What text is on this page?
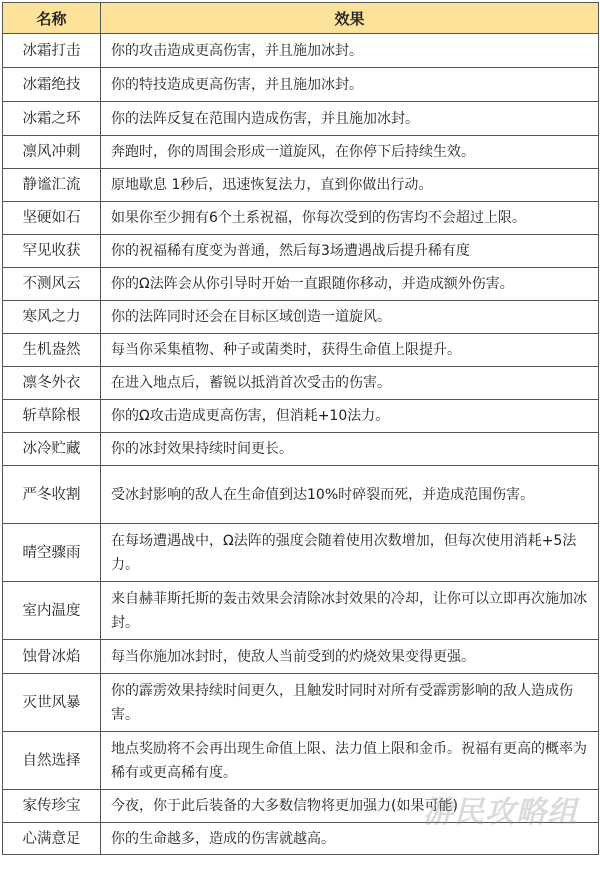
名称	效果
冰霜打击	你的攻击造成更高伤害，并且施加冰封。
冰霜绝技	你的特技造成更高伤害，并且施加冰封。
冰霜之环	你的法阵反复在范围内造成伤害，并且施加冰封。
凛风冲刺	奔跑时，你的周围会形成一道旋风，在你停下后持续生效。
静谧汇流	原地歇息 1秒后，迅速恢复法力，直到你做出行动。
坚硬如石	如果你至少拥有6个土系祝福，你每次受到的伤害均不会超过上限。
罕见收获	你的祝福稀有度变为普通，然后每3场遭遇战后提升稀有度
不测风云	你的Ω法阵会从你引导时开始一直跟随你移动，并造成额外伤害。
寒风之力	你的法阵同时还会在目标区域创造一道旋风。
生机盎然	每当你采集植物、种子或菌类时，获得生命值上限提升。
凛冬外衣	在进入地点后，蓄锐以抵消首次受击的伤害。
斩草除根	你的Ω攻击造成更高伤害，但消耗+10法力。
冰冷贮藏	你的冰封效果持续时间更长。
严冬收割	受冰封影响的敌人在生命值到达10%时碎裂而死，并造成范围伤害。
晴空骤雨	在每场遭遇战中，Ω法阵的强度会随着使用次数增加，但每次使用消耗+5法力。
室内温度	来自赫菲斯托斯的轰击效果会清除冰封效果的冷却，让你可以立即再次施加冰封。
蚀骨冰焰	每当你施加冰封时，使敌人当前受到的灼烧效果变得更强。
灭世风暴	你的霹雳效果持续时间更久，且触发时同时对所有受霹雳影响的敌人造成伤害。
自然选择	地点奖励将不会再出现生命值上限、法力值上限和金币。祝福有更高的概率为稀有或更高稀有度。
家传珍宝	今夜，你于此后装备的大多数信物将更加强力(如果可能)
心满意足	你的生命越多，造成的伤害就越高。
游民攻略组
